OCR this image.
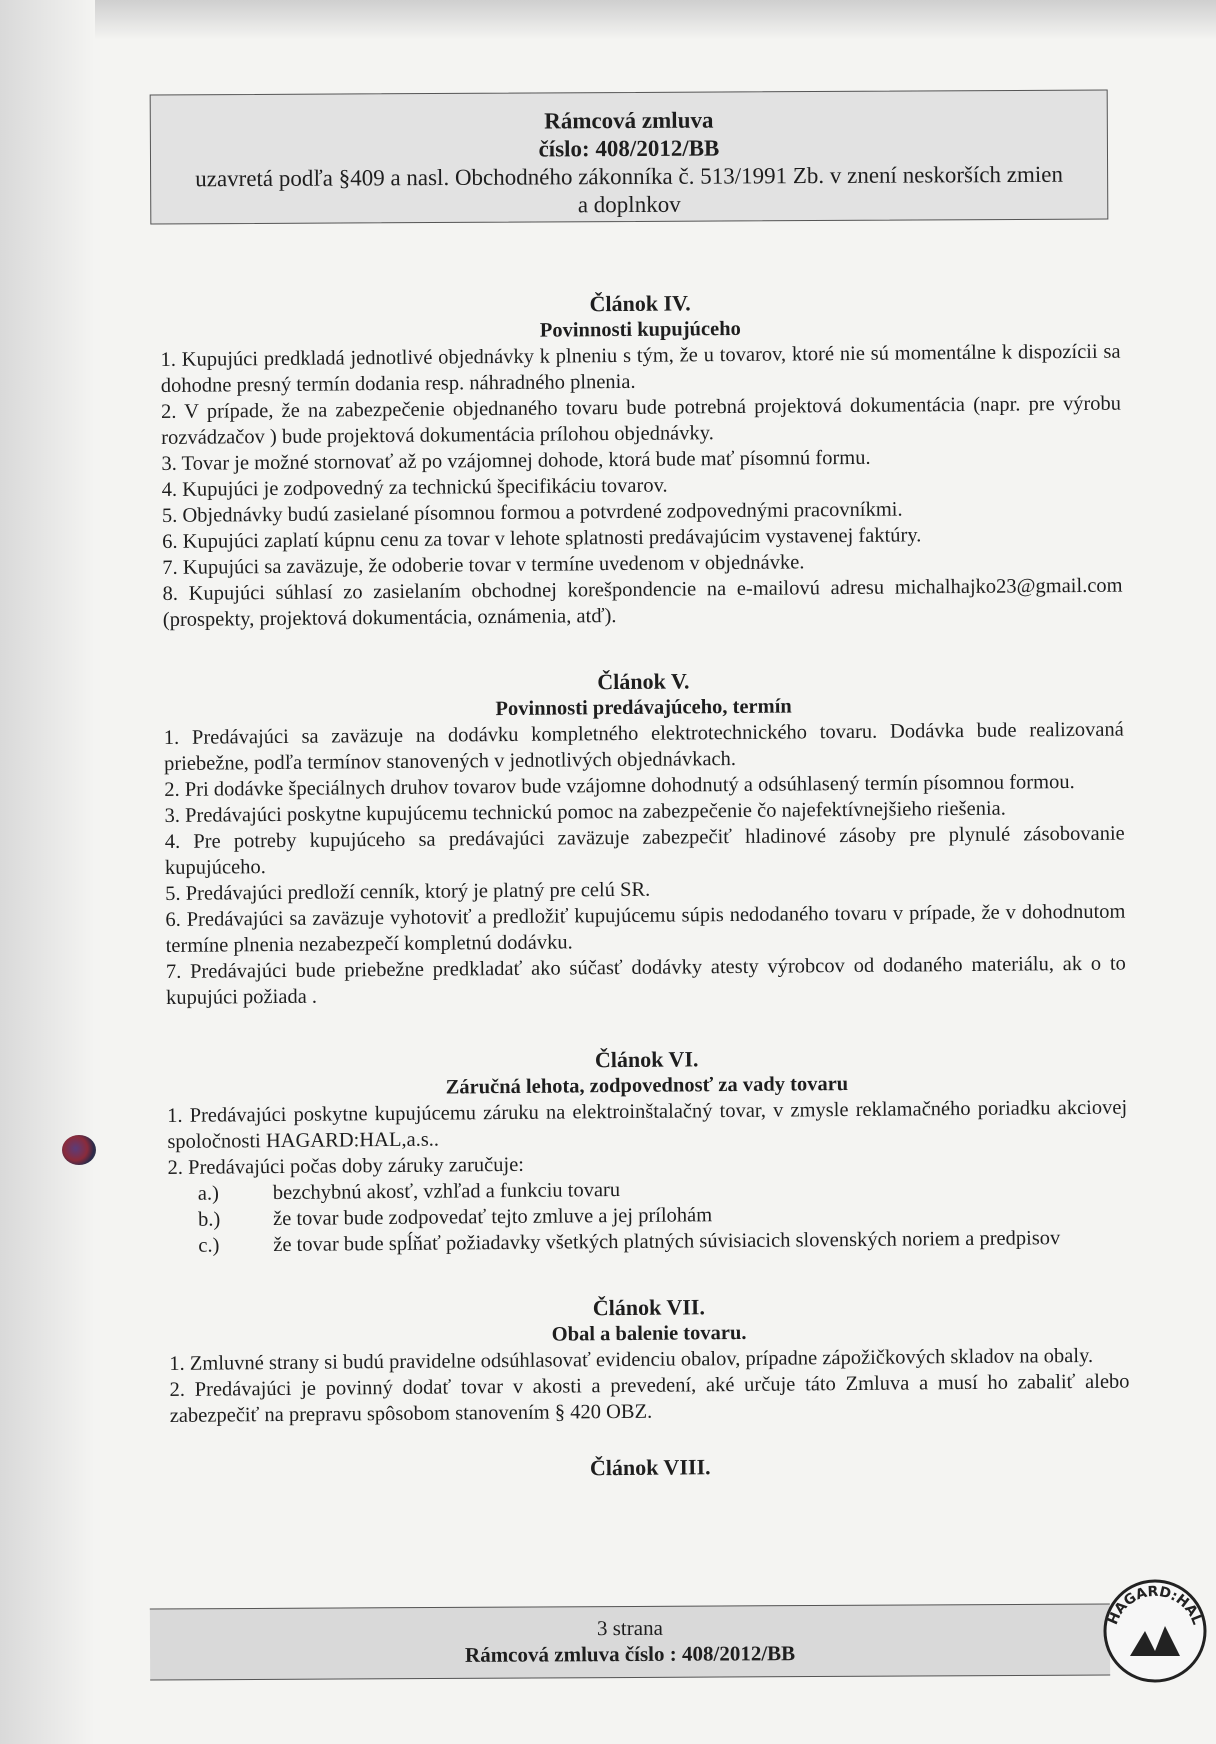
Rámcová zmluva
číslo: 408/2012/BB
uzavretá podľa §409 a nasl. Obchodného zákonníka č. 513/1991 Zb. v znení neskorších zmien
a doplnkov
Článok IV.
Povinnosti kupujúceho

1. Kupujúci predkladá jednotlivé objednávky k plneniu s tým, že u tovarov, ktoré nie sú momentálne k dispozícii sa dohodne presný termín dodania resp. náhradného plnenia.

2. V prípade, že na zabezpečenie objednaného tovaru bude potrebná projektová dokumentácia (napr. pre výrobu rozvádzačov ) bude projektová dokumentácia prílohou objednávky.

3. Tovar je možné stornovať až po vzájomnej dohode, ktorá bude mať písomnú formu.

4. Kupujúci je zodpovedný za technickú špecifikáciu tovarov.

5. Objednávky budú zasielané písomnou formou a potvrdené zodpovednými pracovníkmi.

6. Kupujúci zaplatí kúpnu cenu za tovar v lehote splatnosti predávajúcim vystavenej faktúry.

7. Kupujúci sa zaväzuje, že odoberie tovar v termíne uvedenom v objednávke.

8. Kupujúci súhlasí zo zasielaním obchodnej korešpondencie na e-mailovú adresu michalhajko23@gmail.com (prospekty, projektová dokumentácia, oznámenia, atď).

Článok V.
Povinnosti predávajúceho, termín

1. Predávajúci sa zaväzuje na dodávku kompletného elektrotechnického tovaru. Dodávka bude realizovaná priebežne, podľa termínov stanovených v jednotlivých objednávkach.

2. Pri dodávke špeciálnych druhov tovarov bude vzájomne dohodnutý a odsúhlasený termín písomnou formou.

3. Predávajúci poskytne kupujúcemu technickú pomoc na zabezpečenie čo najefektívnejšieho riešenia.

4. Pre potreby kupujúceho sa predávajúci zaväzuje zabezpečiť hladinové zásoby pre plynulé zásobovanie kupujúceho.

5. Predávajúci predloží cenník, ktorý je platný pre celú SR.

6. Predávajúci sa zaväzuje vyhotoviť a predložiť kupujúcemu súpis nedodaného tovaru v prípade, že v dohodnutom termíne plnenia nezabezpečí kompletnú dodávku.

7. Predávajúci bude priebežne predkladať ako súčasť dodávky atesty výrobcov od dodaného materiálu, ak o to kupujúci požiada .

Článok VI.
Záručná lehota, zodpovednosť za vady tovaru

1. Predávajúci poskytne kupujúcemu záruku na elektroinštalačný tovar, v zmysle reklamačného poriadku akciovej spoločnosti HAGARD:HAL,a.s..

2. Predávajúci počas doby záruky zaručuje:

a.)	bezchybnú akosť, vzhľad a funkciu tovaru
b.)	že tovar bude zodpovedať tejto zmluve a jej prílohám
c.)	že tovar bude spĺňať požiadavky všetkých platných súvisiacich slovenských noriem a predpisov
Článok VII.
Obal a balenie tovaru.

1. Zmluvné strany si budú pravidelne odsúhlasovať evidenciu obalov, prípadne zápožičkových skladov na obaly.

2. Predávajúci je povinný dodať tovar v akosti a prevedení, aké určuje táto Zmluva a musí ho zabaliť alebo zabezpečiť na prepravu spôsobom stanovením § 420 OBZ.

Článok VIII.
3 strana
Rámcová zmluva číslo : 408/2012/BB
HAGARD:HAL
